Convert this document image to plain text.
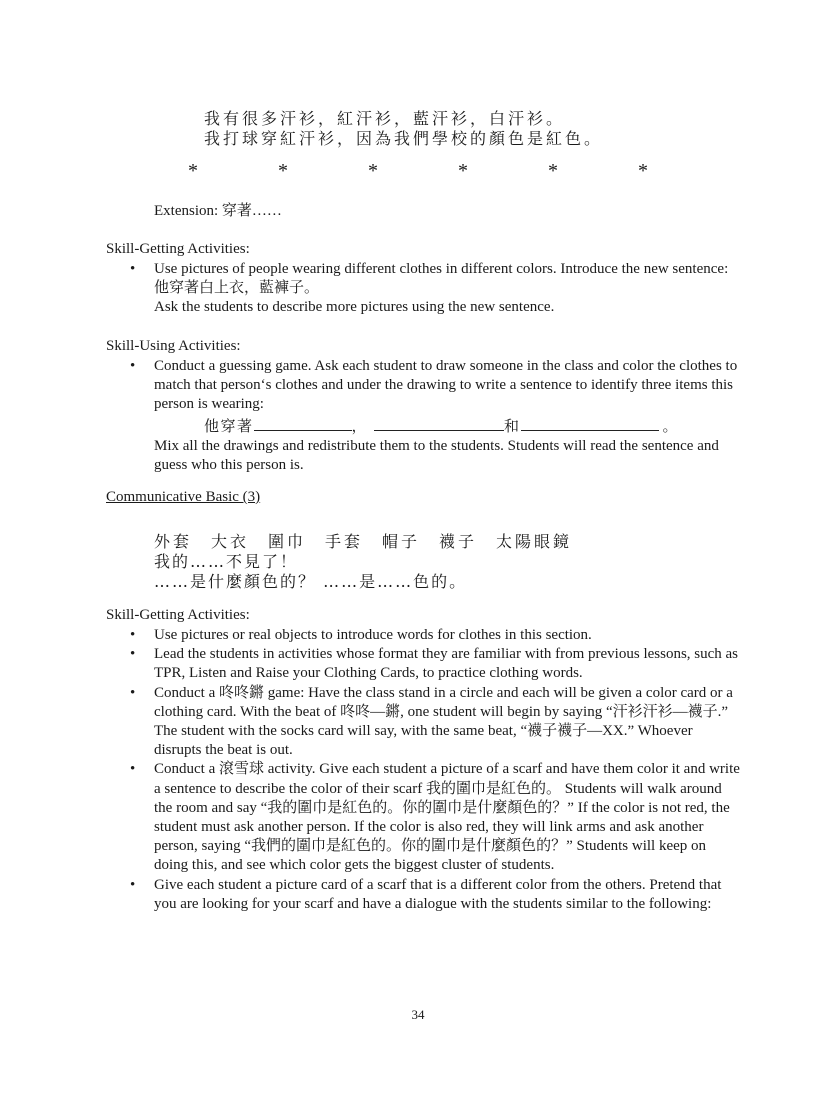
我有很多汗衫，紅汗衫，藍汗衫，白汗衫。
我打球穿紅汗衫，因為我們學校的顏色是紅色。
*	*	*	*	*	*
Extension: 穿著……
Skill-Getting Activities:
• Use pictures of people wearing different clothes in different colors. Introduce the new sentence: 他穿著白上衣，藍褲子。
Ask the students to describe more pictures using the new sentence.
Skill-Using Activities:
• Conduct a guessing game. Ask each student to draw someone in the class and color the clothes to match that person‘s clothes and under the drawing to write a sentence to identify three items this person is wearing:
他穿著	，	和	。
Mix all the drawings and redistribute them to the students. Students will read the sentence and guess who this person is.
Communicative Basic (3)
外套　大衣　圍巾　手套　帽子　襪子　太陽眼鏡
我的……不見了！
……是什麼顏色的？ ……是……色的。
Skill-Getting Activities:
• Use pictures or real objects to introduce words for clothes in this section.
• Lead the students in activities whose format they are familiar with from previous lessons, such as TPR, Listen and Raise your Clothing Cards, to practice clothing words.
• Conduct a 咚咚鏘 game: Have the class stand in a circle and each will be given a color card or a clothing card. With the beat of 咚咚—鏘, one student will begin by saying “汗衫汗衫—襪子.” The student with the socks card will say, with the same beat, “襪子襪子—XX.” Whoever disrupts the beat is out.
• Conduct a 滾雪球 activity. Give each student a picture of a scarf and have them color it and write a sentence to describe the color of their scarf 我的圍巾是紅色的。 Students will walk around the room and say “我的圍巾是紅色的。你的圍巾是什麼顏色的？” If the color is not red, the student must ask another person. If the color is also red, they will link arms and ask another person, saying “我們的圍巾是紅色的。你的圍巾是什麼顏色的？” Students will keep on doing this, and see which color gets the biggest cluster of students.
• Give each student a picture card of a scarf that is a different color from the others. Pretend that you are looking for your scarf and have a dialogue with the students similar to the following:
34
